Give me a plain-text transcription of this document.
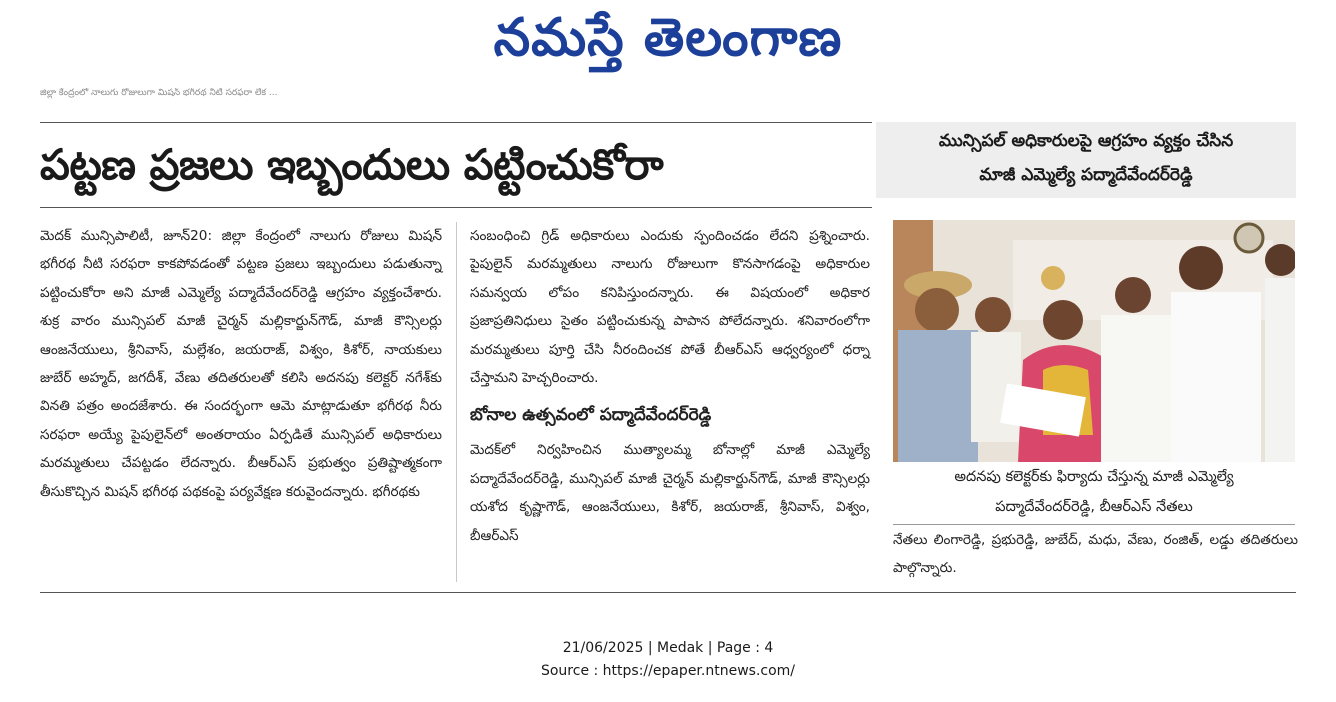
నమస్తే తెలంగాణ
జిల్లా కేంద్రంలో నాలుగు రోజులుగా మిషన్ భగీరథ నీటి సరఫరా లేక ...
పట్టణ ప్రజలు ఇబ్బందులు పట్టించుకోరా	మున్సిపల్ అధికారులపై ఆగ్రహం వ్యక్తం చేసిన
మాజీ ఎమ్మెల్యే పద్మాదేవేందర్‌రెడ్డి

మెదక్ మున్సిపాలిటీ, జూన్20: జిల్లా కేంద్రంలో నాలుగు రోజులు మిషన్ భగీరథ నీటి సరఫరా కాకపోవడంతో పట్టణ ప్రజలు ఇబ్బందులు పడుతున్నా పట్టించుకోరా అని మాజీ ఎమ్మెల్యే పద్మాదేవేందర్‌రెడ్డి ఆగ్రహం వ్యక్తంచేశారు. శుక్ర వారం మున్సిపల్ మాజీ చైర్మన్ మల్లికార్జున్‌గౌడ్, మాజీ కౌన్సిలర్లు ఆంజనేయులు, శ్రీనివాస్, మల్లేశం, జయరాజ్, విశ్వం, కిశోర్, నాయకులు జుబేర్ అహ్మద్, జగదీశ్, వేణు తదితరులతో కలిసి అదనపు కలెక్టర్ నగేశ్‌కు వినతి పత్రం అందజేశారు. ఈ సందర్భంగా ఆమె మాట్లాడుతూ భగీరథ నీరు సరఫరా అయ్యే పైపులైన్‌లో అంతరాయం ఏర్పడితే మున్సిపల్ అధికారులు మరమ్మతులు చేపట్టడం లేదన్నారు. బీఆర్‌ఎస్ ప్రభుత్వం ప్రతిష్టాత్మకంగా తీసుకొచ్చిన మిషన్ భగీరథ పథకంపై పర్యవేక్షణ కరువైందన్నారు. భగీరథకు

సంబంధించి గ్రిడ్ అధికారులు ఎందుకు స్పందించడం లేదని ప్రశ్నించారు. పైపులైన్ మరమ్మతులు నాలుగు రోజులుగా కొనసాగడంపై అధికారుల సమన్వయ లోపం కనిపిస్తుందన్నారు. ఈ విషయంలో అధికార ప్రజాప్రతినిధులు సైతం పట్టించుకున్న పాపాన పోలేదన్నారు. శనివారంలోగా మరమ్మతులు పూర్తి చేసి నీరందించక పోతే బీఆర్‌ఎస్ ఆధ్వర్యంలో ధర్నా చేస్తామని హెచ్చరించారు.

బోనాల ఉత్సవంలో పద్మాదేవేందర్‌రెడ్డి

మెదక్‌లో నిర్వహించిన ముత్యాలమ్మ బోనాల్లో మాజీ ఎమ్మెల్యే పద్మాదేవేందర్‌రెడ్డి, మున్సిపల్ మాజీ చైర్మన్ మల్లికార్జున్‌గౌడ్, మాజీ కౌన్సిలర్లు యశోద కృష్ణాగౌడ్, ఆంజనేయులు, కిశోర్, జయరాజ్, శ్రీనివాస్, విశ్వం, బీఆర్‌ఎస్

అదనపు కలెక్టర్‌కు ఫిర్యాదు చేస్తున్న మాజీ ఎమ్మెల్యే
పద్మాదేవేందర్‌రెడ్డి, బీఆర్‌ఎస్ నేతలు
నేతలు లింగారెడ్డి, ప్రభురెడ్డి, జుబేద్, మధు, వేణు, రంజిత్, లడ్డు తదితరులు పాల్గొన్నారు.
21/06/2025 | Medak | Page : 4
Source : https://epaper.ntnews.com/
